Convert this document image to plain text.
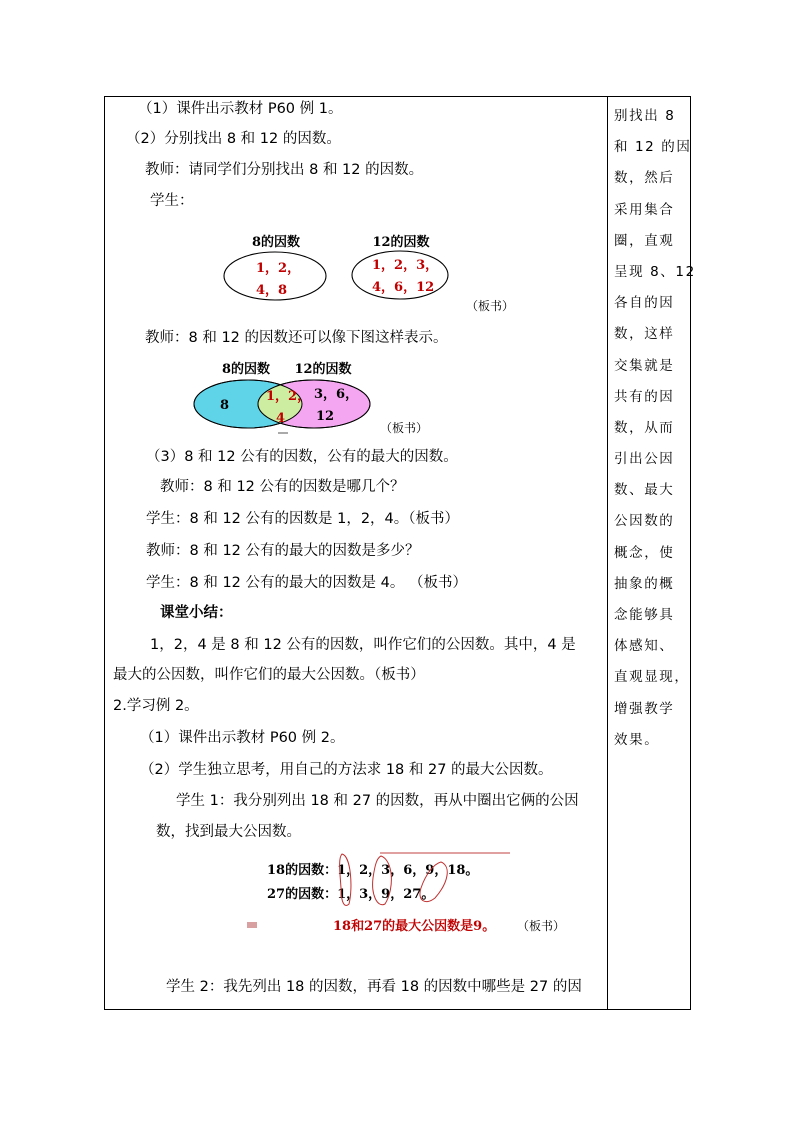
（1）课件出示教材 P60 例 1。
（2）分别找出 8 和 12 的因数。
教师：请同学们分别找出 8 和 12 的因数。
学生：
8的因数	12的因数
1，2，
4，8
1，2，3，
4，6，12
（板书）
教师：8 和 12 的因数还可以像下图这样表示。
8的因数 12的因数
8
1，2，
4
3，6，
12
（板书）
（3）8 和 12 公有的因数，公有的最大的因数。
教师：8 和 12 公有的因数是哪几个？
学生：8 和 12 公有的因数是 1，2，4。（板书）
教师：8 和 12 公有的最大的因数是多少？
学生：8 和 12 公有的最大的因数是 4。 （板书）
课堂小结：
1，2，4 是 8 和 12 公有的因数，叫作它们的公因数。其中，4 是
最大的公因数，叫作它们的最大公因数。（板书）
2.学习例 2。
（1）课件出示教材 P60 例 2。
（2）学生独立思考，用自己的方法求 18 和 27 的最大公因数。
学生 1：我分别列出 18 和 27 的因数，再从中圈出它俩的公因
数，找到最大公因数。
18的因数：1，2，3，6，9，18。
27的因数：1，3，9，27。
18和27的最大公因数是9。 （板书）
学生 2：我先列出 18 的因数，再看 18 的因数中哪些是 27 的因
别找出 8
和 12 的因
数，然后
采用集合
圈，直观
呈现 8、12
各自的因
数，这样
交集就是
共有的因
数，从而
引出公因
数、最大
公因数的
概念，使
抽象的概
念能够具
体感知、
直观显现，
增强教学
效果。
